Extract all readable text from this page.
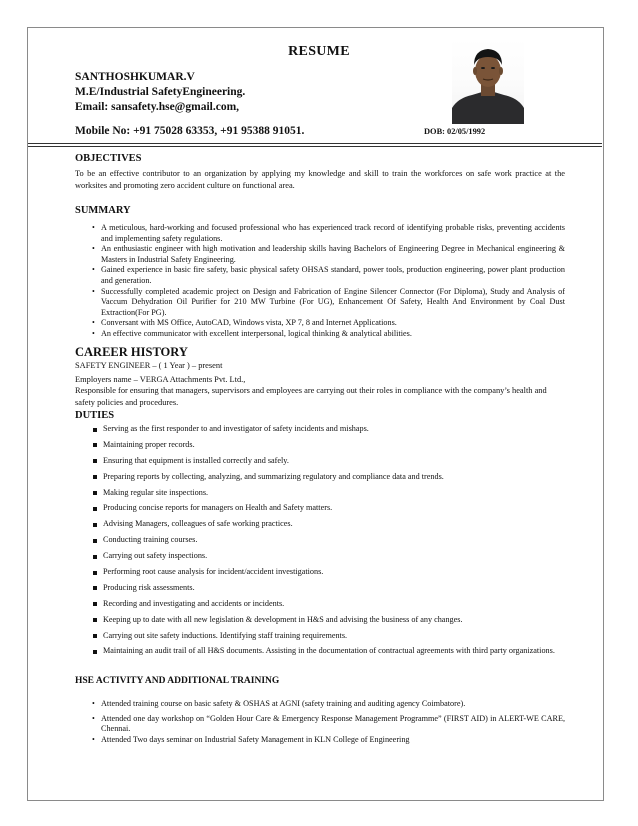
RESUME
SANTHOSHKUMAR.V
M.E/Industrial SafetyEngineering.
Email: sansafety.hse@gmail.com,
Mobile No: +91 75028 63353, +91 95388 91051.	DOB: 02/05/1992
OBJECTIVES
To be an effective contributor to an organization by applying my knowledge and skill to train the workforces on safe work practice at the worksites and promoting zero accident culture on functional area.
SUMMARY
• A meticulous, hard-working and focused professional who has experienced track record of identifying probable risks, preventing accidents and implementing safety regulations.
• An enthusiastic engineer with high motivation and leadership skills having Bachelors of Engineering Degree in Mechanical engineering & Masters in Industrial Safety Engineering.
• Gained experience in basic fire safety, basic physical safety OHSAS standard, power tools, production engineering, power plant production and generation.
• Successfully completed academic project on Design and Fabrication of Engine Silencer Connector (For Diploma), Study and Analysis of Vaccum Dehydration Oil Purifier for 210 MW Turbine (For UG), Enhancement Of Safety, Health And Environment by Coal Dust Extraction(For PG).
• Conversant with MS Office, AutoCAD, Windows vista, XP 7, 8 and Internet Applications.
• An effective communicator with excellent interpersonal, logical thinking & analytical abilities.
CAREER HISTORY
SAFETY ENGINEER – ( 1 Year ) – present
Employers name – VERGA Attachments Pvt. Ltd.,
Responsible for ensuring that managers, supervisors and employees are carrying out their roles in compliance with the company’s health and safety policies and procedures.
DUTIES
Serving as the first responder to and investigator of safety incidents and mishaps.
Maintaining proper records.
Ensuring that equipment is installed correctly and safely.
Preparing reports by collecting, analyzing, and summarizing regulatory and compliance data and trends.
Making regular site inspections.
Producing concise reports for managers on Health and Safety matters.
Advising Managers, colleagues of safe working practices.
Conducting training courses.
Carrying out safety inspections.
Performing root cause analysis for incident/accident investigations.
Producing risk assessments.
Recording and investigating and accidents or incidents.
Keeping up to date with all new legislation & development in H&S and advising the business of any changes.
Carrying out site safety inductions. Identifying staff training requirements.
Maintaining an audit trail of all H&S documents. Assisting in the documentation of contractual agreements with third party organizations.
HSE ACTIVITY AND ADDITIONAL TRAINING
• Attended training course on basic safety & OSHAS at AGNI (safety training and auditing agency Coimbatore).
• Attended one day workshop on “Golden Hour Care & Emergency Response Management Programme” (FIRST AID) in ALERT-WE CARE, Chennai.
• Attended Two days seminar on Industrial Safety Management in KLN College of Engineering
